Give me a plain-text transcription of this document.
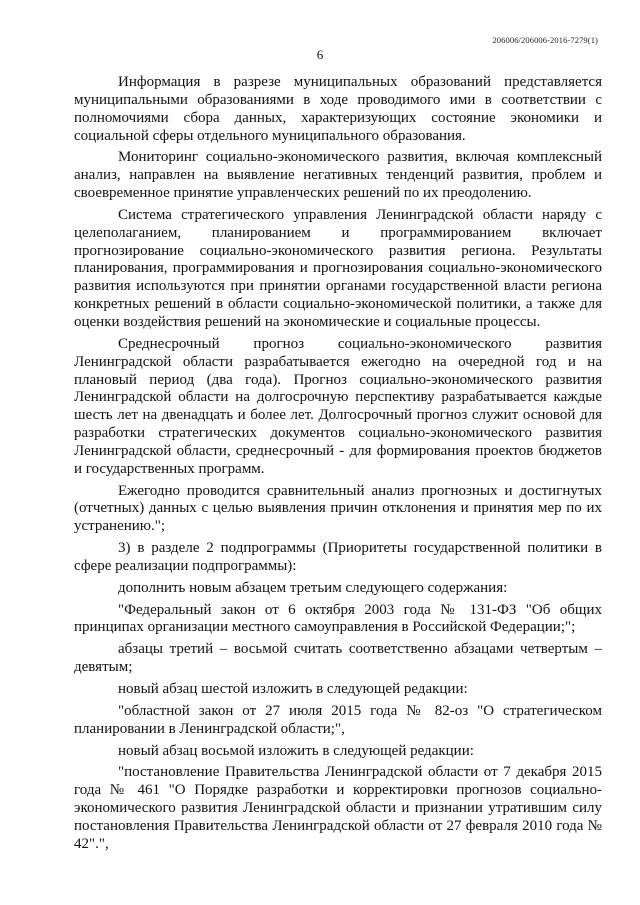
206006/206006-2016-7279(1)
6

Информация в разрезе муниципальных образований представляется муниципальными образованиями в ходе проводимого ими в соответствии с полномочиями сбора данных, характеризующих состояние экономики и социальной сферы отдельного муниципального образования.

Мониторинг социально-экономического развития, включая комплексный анализ, направлен на выявление негативных тенденций развития, проблем и своевременное принятие управленческих решений по их преодолению.

Система стратегического управления Ленинградской области наряду с целеполаганием, планированием и программированием включает прогнозирование социально-экономического развития региона. Результаты планирования, программирования и прогнозирования социально-экономического развития используются при принятии органами государственной власти региона конкретных решений в области социально-экономической политики, а также для оценки воздействия решений на экономические и социальные процессы.

Среднесрочный прогноз социально-экономического развития Ленинградской области разрабатывается ежегодно на очередной год и на плановый период (два года). Прогноз социально-экономического развития Ленинградской области на долгосрочную перспективу разрабатывается каждые шесть лет на двенадцать и более лет. Долгосрочный прогноз служит основой для разработки стратегических документов социально-экономического развития Ленинградской области, среднесрочный - для формирования проектов бюджетов и государственных программ.

Ежегодно проводится сравнительный анализ прогнозных и достигнутых (отчетных) данных с целью выявления причин отклонения и принятия мер по их устранению.";

3) в разделе 2 подпрограммы (Приоритеты государственной политики в сфере реализации подпрограммы):

дополнить новым абзацем третьим следующего содержания:

"Федеральный закон от 6 октября 2003 года № 131-ФЗ "Об общих принципах организации местного самоуправления в Российской Федерации;";

абзацы третий – восьмой считать соответственно абзацами четвертым – девятым;

новый абзац шестой изложить в следующей редакции:

"областной закон от 27 июля 2015 года № 82-оз "О стратегическом планировании в Ленинградской области;",

новый абзац восьмой изложить в следующей редакции:

"постановление Правительства Ленинградской области от 7 декабря 2015 года № 461 "О Порядке разработки и корректировки прогнозов социально-экономического развития Ленинградской области и признании утратившим силу постановления Правительства Ленинградской области от 27 февраля 2010 года № 42".",
